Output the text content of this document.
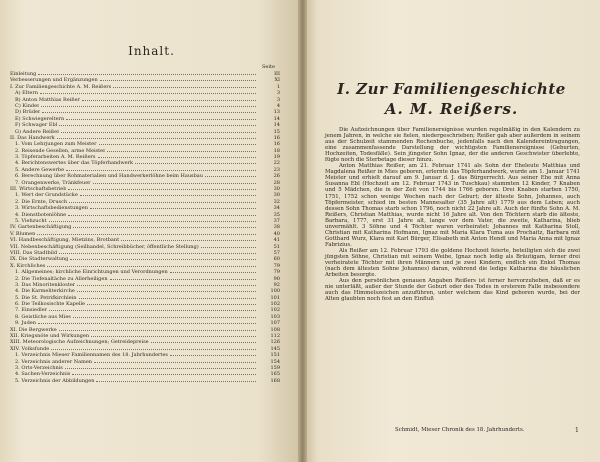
Inhalt.
Seite
Einleitung	III
Verbesserungen und Ergänzungen	XI
I. Zur Familiengeschichte A. M. Reißers	1
A) Eltern	3
B) Anton Matthias Reißer	3
C) Kinder	4
D) Brüder	13
E) Schwiegereltern	14
F) Schwager Ebl	14
G) Andere Reißer	15
II. Das Handwerk	16
1. Vom Lehrjungen zum Meister	16
2. Reisende Gesellen, arme Meister	18
3. Töpferarbeiten A. M. Reißers	19
4. Berichtenswertes über das Töpferhandwerk	22
5. Andere Gewerbe	23
6. Berechnung über Rohmaterialien und Handwerkerlöhne beim Hausbau	26
7. Orangenwerke, Tränkfeuer	28
III. Wirtschaftsbetrieb	30
1. Wert der Grundstücke	30
2. Die Ernte, Drusch	32
3. Wirtschaftsbedienstungen	34
4. Dienstbotenlöhne	35
5. Viehzucht	37
IV. Gartenbeschäftigung	38
V. Blumen	40
VI. Handbeschäftigung, Mietzins, Brotbant	41
VII. Nebenbeschäftigung (Seilhandel, Schreibbücher, öffentliche Stellung)	51
VIII. Das Stadtbild	57
IX. Die Stadterwaltung	60
X. Kirchliches	79
1. Allgemeines; kirchliche Einrichtungen und Verordnungen	79
2. Die Tiefenaltäche zu Allerheiligen	90
3. Das Minoritenkloster	92
4. Die Karmeliterkirche	100
5. Die St. Petrifkirchlein	101
6. Die Teilkosischte Kapelle	102
7. Einsiedler	102
8. Geistliche aus Mies	103
9. Juden	107
XI. Die Bergwerke	108
XII. Kriegsnöte und Wirkungen	112
XIII. Meteorologische Aufzeichnungen; Getreidepreise	126
XIV. Volksfunde	145
1. Verzeichnis Mieser Familiennamen des 18. Jahrhundertes	151
2. Verzeichnis anderer Namen	154
3. Orts-Verzeichnis	159
4. Sachen-Verzeichnis	165
5. Verzeichnis der Abbildungen	168
I. Zur Familiengeschichte
A. M. Reißers.

Die Aufzeichnungen über Familienereignisse wurden regelmäßig in den Kalendern zu jenem Jahren, in welche sie fielen, niedergeschrieben; Reißer gab aber außerdem in seinem aus der Schulzeit stammenden Rechenbuche, jedenfalls nach den Kalendereintragungen, eine zusammenfassende Darstellung der wichtigsten Familienereignisse (Geburten, Hochzeiten, Todesfälle). Sein jüngster Sohn Ignaz, der die anderen Geschwister überlebte, fügte noch die Sterbetage dieser hinzu.

Anton Matthias Reißer, am 21. Februar 1741 als Sohn der Eheleute Matthias und Magdalena Reißer in Mies geboren, erlernte das Töpferhandwerk, wurde am 1. Januar 1741 Meister und erhielt darauf am 9. Januar d. J. das Bürgerrecht. Aus seiner Ehe mit Anna Susanna Ebl (Hochzeit am 12. Februar 1743 in Tuschkau) stammten 12 Kinder, 7 Knaben und 5 Mädchen, die in der Zeit von 1744 bis 1766 geboren. Drei Knaben starben 1750, 1751, 1752 schon wenige Wochen nach der Geburt; der älteste Sohn, Johannes, auch Töpfermeister, schied im besten Mannesalter (35 Jahre alt) 1779 aus dem Leben; auch dessen Sohn Thomas starb schon 1796, noch nicht 22 Jahre alt. Auch der fünfte Sohn A. M. Reißers, Christian Matthias, wurde nicht 16 Jahre alt. Von den Töchtern starb die älteste, Barbara, 1777, erst 31 Jahre alt, lange vor dem Vater, die zweite, Katharina, blieb unvermählt. 3 Söhne und 4 Töchter waren verheiratet: Johannes mit Katharina Stoll, Christian mit Katharina Hofmann, Ignaz mit Maria Klara Tuma aus Prochaitz, Barbara mit Gotthard Wurz, Klara mit Karl Bürger, Elisabeth mit Anton Hendl und Maria Anna mit Ignaz Fabrizius.

Als Reißer am 12. Februar 1793 die goldene Hochzeit feierte, beteiligten sich die zwei jüngsten Söhne, Christian mit seinem Weibe, Ignaz noch ledig als Bräutigam, ferner drei verheiratete Töchter mit ihren Männern und je zwei Kindern, endlich ein Enkel Thomas (nach dem ältesten Sohne Johannes) daran, während die ledige Katharina die häuslichen Arbeiten besorgte.

Aus den persönlichen genauen Angaben Reißers ist ferner hervorzuheben, daß er es nie unterläßt, außer der Stunde der Geburt oder des Todes in ersterem Falle insbesondere auch das Himmelszeichen anzuführen, unter welchem das Kind geboren wurde, bei der Alten glaubten noch fest an den Einfluß

Schmidt, Mieser Chronik des 18. Jahrhunderts.	1
